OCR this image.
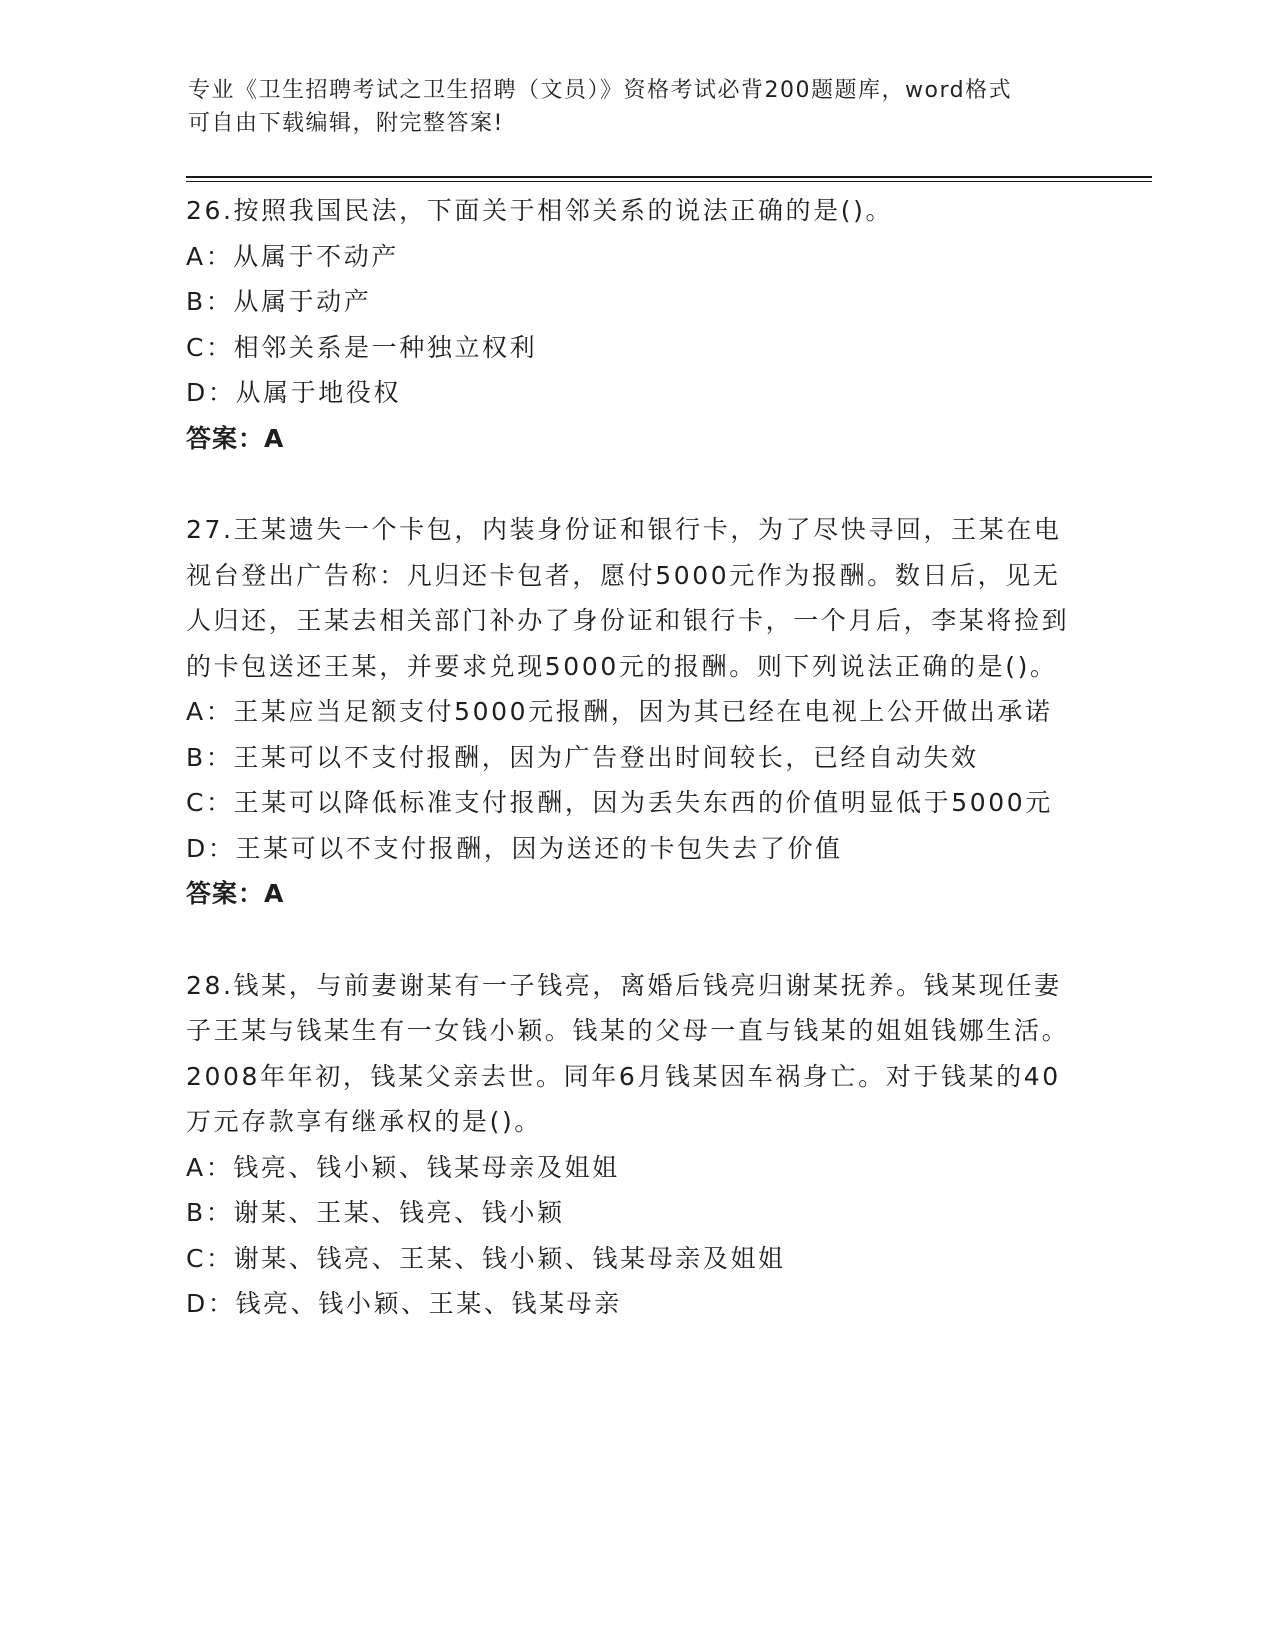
专业《卫生招聘考试之卫生招聘（文员）》资格考试必背200题题库，word格式
可自由下载编辑，附完整答案!
26.按照我国民法，下面关于相邻关系的说法正确的是()。
A：从属于不动产
B：从属于动产
C：相邻关系是一种独立权利
D：从属于地役权
答案：A
27.王某遗失一个卡包，内装身份证和银行卡，为了尽快寻回，王某在电视台登出广告称：凡归还卡包者，愿付5000元作为报酬。数日后，见无人归还，王某去相关部门补办了身份证和银行卡，一个月后，李某将捡到的卡包送还王某，并要求兑现5000元的报酬。则下列说法正确的是()。
A：王某应当足额支付5000元报酬，因为其已经在电视上公开做出承诺
B：王某可以不支付报酬，因为广告登出时间较长，已经自动失效
C：王某可以降低标准支付报酬，因为丢失东西的价值明显低于5000元
D：王某可以不支付报酬，因为送还的卡包失去了价值
答案：A
28.钱某，与前妻谢某有一子钱亮，离婚后钱亮归谢某抚养。钱某现任妻子王某与钱某生有一女钱小颖。钱某的父母一直与钱某的姐姐钱娜生活。2008年年初，钱某父亲去世。同年6月钱某因车祸身亡。对于钱某的40万元存款享有继承权的是()。
A：钱亮、钱小颖、钱某母亲及姐姐
B：谢某、王某、钱亮、钱小颖
C：谢某、钱亮、王某、钱小颖、钱某母亲及姐姐
D：钱亮、钱小颖、王某、钱某母亲
